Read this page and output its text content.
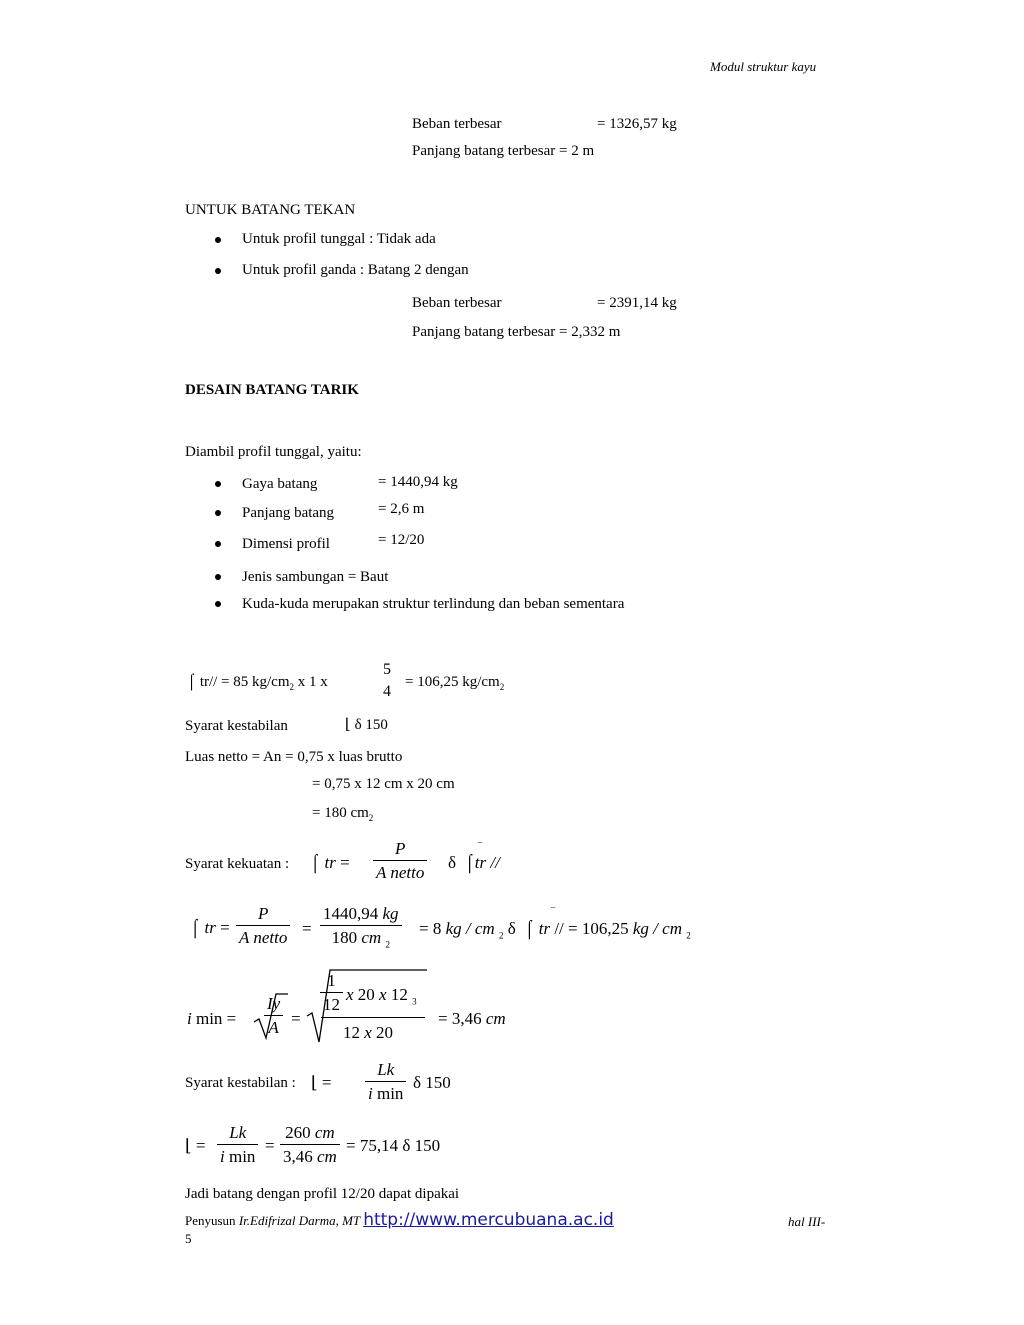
Modul struktur kayu
Beban terbesar	= 1326,57 kg
Panjang batang terbesar = 2 m
UNTUK BATANG TEKAN
Untuk profil tunggal : Tidak ada
Untuk profil ganda : Batang 2 dengan
Beban terbesar	= 2391,14 kg
Panjang batang terbesar = 2,332 m
DESAIN BATANG TARIK
Diambil profil tunggal, yaitu:
Gaya batang	= 1440,94 kg
Panjang batang	= 2,6 m
Dimensi profil	= 12/20
Jenis sambungan = Baut
Kuda-kuda merupakan struktur terlindung dan beban sementara
⌠ tr// = 85 $kg/cm_2$ x 1 x
5
4
= 106,25 $kg/cm_2$
Syarat kestabilan	⌊ δ 150
Luas netto = An = 0,75 x luas brutto
= 0,75 x 12 cm x 20 cm
= 180 $cm_2$
Syarat kekuatan : ⌠ tr =
P
A netto
δ ⌠tr //
‾
⌠ tr =
P
A netto =
1440,94 kg
180 cm $_2$
= 8 kg / cm $_2$ δ ⌠ tr // = 106,25 kg / cm $_2$
‾
i min =
Iy
A =
1
12
x 20 x 12 $_3$
12 x 20
= 3,46 cm
Syarat kestabilan : ⌊ =
Lk
i min
δ 150
⌊ =
Lk
i min
=
260 cm
3,46 cm
= 75,14 δ 150
Jadi batang dengan profil 12/20 dapat dipakai
Penyusun Ir.Edifrizal Darma, MT http://www.mercubuana.ac.id	hal III-
5
